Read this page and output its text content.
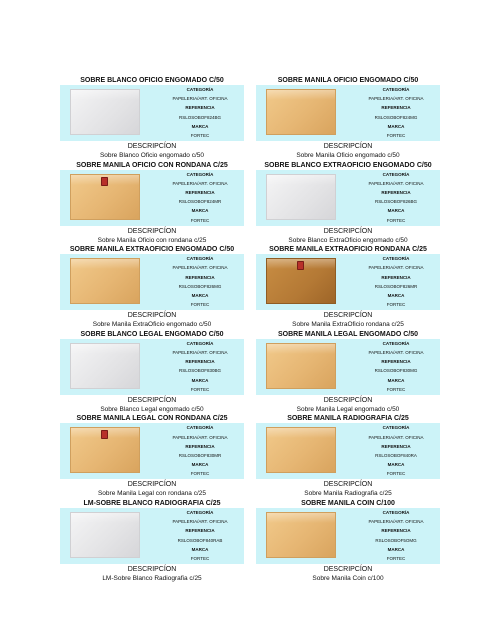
SOBRE BLANCO OFICIO ENGOMADO C/50
CATEGORÍA
PAPELERIA/ART. OFICINA
REFERENCIA
RSLOSOBOF824BG
MARCA
FORTEC
DESCRIPCÍON
Sobre Blanco Oficio engomado c/50
SOBRE MANILA OFICIO ENGOMADO C/50
CATEGORÍA
PAPELERIA/ART. OFICINA
REFERENCIA
RSLOSOBOF824MG
MARCA
FORTEC
DESCRIPCÍON
Sobre Manila Oficio engomado c/50
SOBRE MANILA OFICIO CON RONDANA C/25
CATEGORÍA
PAPELERIA/ART. OFICINA
REFERENCIA
RSLOSOBOF824MR
MARCA
FORTEC
DESCRIPCÍON
Sobre Manila Oficio con rondana c/25
SOBRE BLANCO EXTRAOFICIO ENGOMADO C/50
CATEGORÍA
PAPELERIA/ART. OFICINA
REFERENCIA
RSLOSOBOF826BG
MARCA
FORTEC
DESCRIPCÍON
Sobre Blanco ExtraOficio engomado c/50
SOBRE MANILA EXTRAOFICIO ENGOMADO C/50
CATEGORÍA
PAPELERIA/ART. OFICINA
REFERENCIA
RSLOSOBOF826MG
MARCA
FORTEC
DESCRIPCÍON
Sobre Manila ExtraOficio engomado c/50
SOBRE MANILA EXTRAOFICIO RONDANA C/25
CATEGORÍA
PAPELERIA/ART. OFICINA
REFERENCIA
RSLOSOBOF826MR
MARCA
FORTEC
DESCRIPCÍON
Sobre Manila ExtraOficio rondana c/25
SOBRE BLANCO LEGAL ENGOMADO C/50
CATEGORÍA
PAPELERIA/ART. OFICINA
REFERENCIA
RSLOSOBOF830BG
MARCA
FORTEC
DESCRIPCÍON
Sobre Blanco Legal engomado c/50
SOBRE MANILA LEGAL ENGOMADO C/50
CATEGORÍA
PAPELERIA/ART. OFICINA
REFERENCIA
RSLOSOBOF830MG
MARCA
FORTEC
DESCRIPCÍON
Sobre Manila Legal engomado c/50
SOBRE MANILA LEGAL CON RONDANA C/25
CATEGORÍA
PAPELERIA/ART. OFICINA
REFERENCIA
RSLOSOBOF830MR
MARCA
FORTEC
DESCRIPCÍON
Sobre Manila Legal con rondana c/25
SOBRE MANILA RADIOGRAFIA C/25
CATEGORÍA
PAPELERIA/ART. OFICINA
REFERENCIA
RSLOSOBOF840RA
MARCA
FORTEC
DESCRIPCÍON
Sobre Manila Radiografia c/25
LM-SOBRE BLANCO RADIOGRAFIA C/25
CATEGORÍA
PAPELERIA/ART. OFICINA
REFERENCIA
RSLOSOBOF840RAB
MARCA
FORTEC
DESCRIPCÍON
LM-Sobre Blanco Radiografia c/25
SOBRE MANILA COIN C/100
CATEGORÍA
PAPELERIA/ART. OFICINA
REFERENCIA
RSLOSOBOF5OMG
MARCA
FORTEC
DESCRIPCÍON
Sobre Manila Coin c/100
